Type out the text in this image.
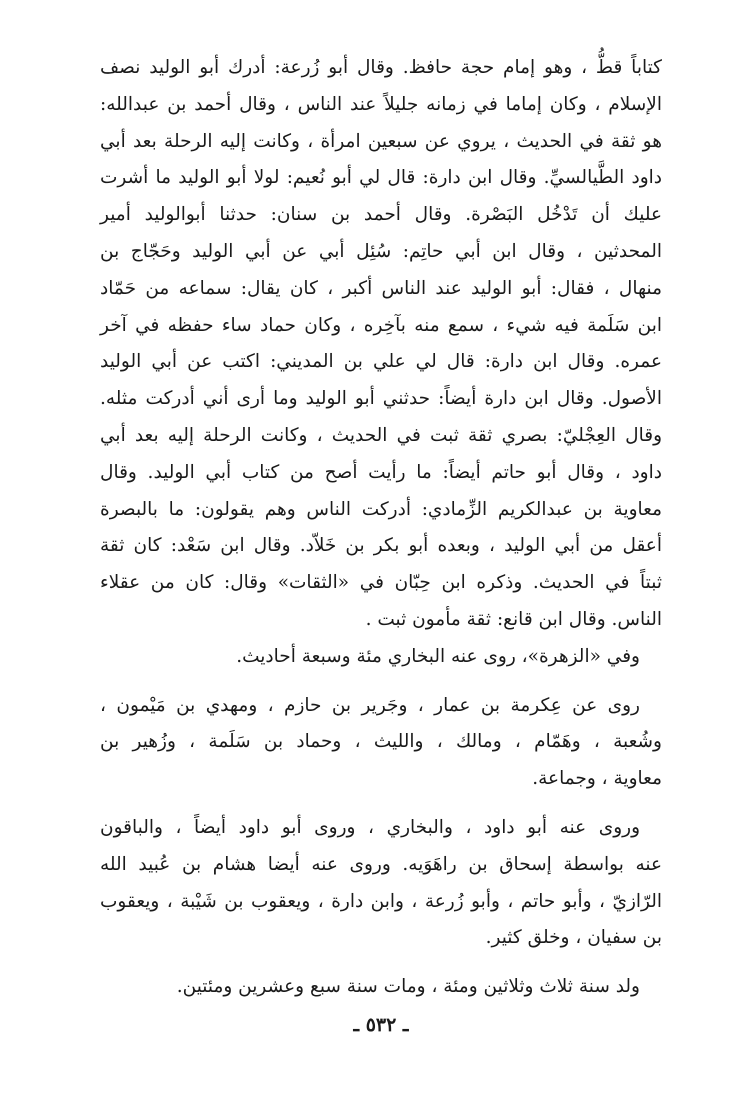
كتاباً قطُّ ، وهو إمام حجة حافظ. وقال أبو زُرعة: أدرك أبو الوليد نصف
الإسلام ، وكان إماما في زمانه جليلاً عند الناس ، وقال أحمد بن عبدالله:
هو ثقة في الحديث ، يروي عن سبعين امرأة ، وكانت إليه الرحلة بعد أبي
داود الطَّيالسيِّ. وقال ابن دارة: قال لي أبو نُعيم: لولا أبو الوليد ما أشرت
عليك أن تَدْخُل البَصْرة. وقال أحمد بن سنان: حدثنا أبوالوليد أمير
المحدثين ، وقال ابن أبي حاتِم: سُئِل أبي عن أبي الوليد وحَجّاج بن
منهال ، فقال: أبو الوليد عند الناس أكبر ، كان يقال: سماعه من حَمّاد
ابن سَلَمة فيه شيء ، سمع منه بآخِره ، وكان حماد ساء حفظه في آخر
عمره. وقال ابن دارة: قال لي علي بن المديني: اكتب عن أبي الوليد
الأصول. وقال ابن دارة أيضاً: حدثني أبو الوليد وما أرى أني أدركت مثله.
وقال العِجْليّ: بصري ثقة ثبت في الحديث ، وكانت الرحلة إليه بعد أبي
داود ، وقال أبو حاتم أيضاً: ما رأيت أصح من كتاب أبي الوليد. وقال
معاوية بن عبدالكريم الزِّمادي: أدركت الناس وهم يقولون: ما بالبصرة
أعقل من أبي الوليد ، وبعده أبو بكر بن خَلاّد. وقال ابن سَعْد: كان ثقة
ثبتاً في الحديث. وذكره ابن حِبّان في «الثقات» وقال: كان من عقلاء
الناس. وقال ابن قانع: ثقة مأمون ثبت .
وفي «الزهرة»، روى عنه البخاري مئة وسبعة أحاديث.
روى عن عِكرمة بن عمار ، وجَرير بن حازم ، ومهدي بن مَيْمون ،
وشُعبة ، وهَمّام ، ومالك ، والليث ، وحماد بن سَلَمة ، وزُهير بن
معاوية ، وجماعة.
وروى عنه أبو داود ، والبخاري ، وروى أبو داود أيضاً ، والباقون
عنه بواسطة إسحاق بن راهَوَيه. وروى عنه أيضا هشام بن عُبيد الله
الرّازيّ ، وأبو حاتم ، وأبو زُرعة ، وابن دارة ، ويعقوب بن شَيْبة ، ويعقوب
بن سفيان ، وخلق كثير.
ولد سنة ثلاث وثلاثين ومئة ، ومات سنة سبع وعشرين ومئتين.
ـ ٥٣٢ ـ
